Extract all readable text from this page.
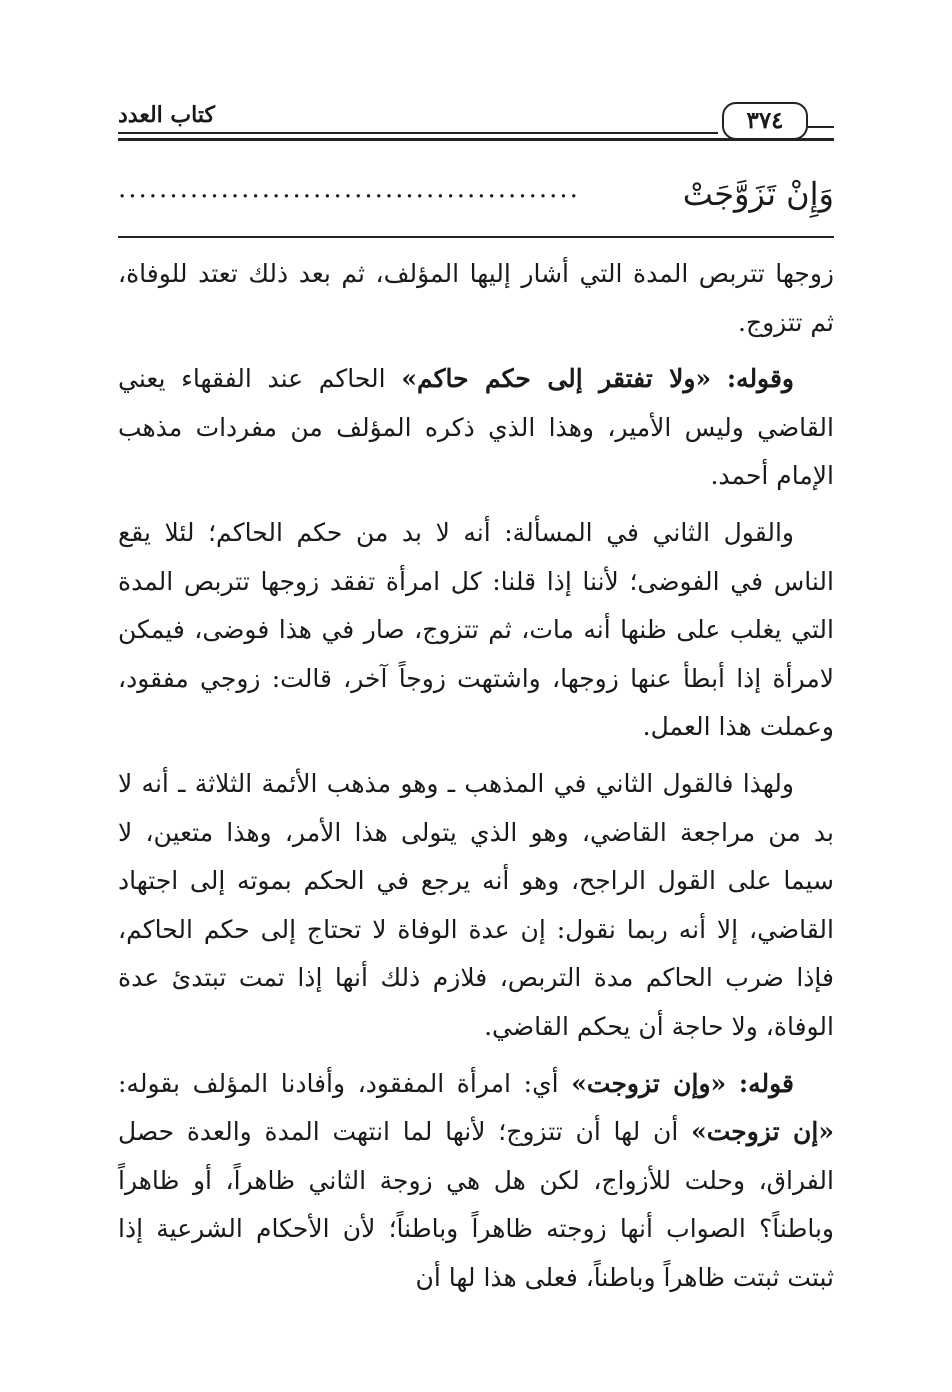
كتاب العدد	٣٧٤
وَإِنْ تَزَوَّجَتْ
.............................................

زوجها تتربص المدة التي أشار إليها المؤلف، ثم بعد ذلك تعتد للوفاة، ثم تتزوج.

وقوله: «ولا تفتقر إلى حكم حاكم» الحاكم عند الفقهاء يعني القاضي وليس الأمير، وهذا الذي ذكره المؤلف من مفردات مذهب الإمام أحمد.

والقول الثاني في المسألة: أنه لا بد من حكم الحاكم؛ لئلا يقع الناس في الفوضى؛ لأننا إذا قلنا: كل امرأة تفقد زوجها تتربص المدة التي يغلب على ظنها أنه مات، ثم تتزوج، صار في هذا فوضى، فيمكن لامرأة إذا أبطأ عنها زوجها، واشتهت زوجاً آخر، قالت: زوجي مفقود، وعملت هذا العمل.

ولهذا فالقول الثاني في المذهب ـ وهو مذهب الأئمة الثلاثة ـ أنه لا بد من مراجعة القاضي، وهو الذي يتولى هذا الأمر، وهذا متعين، لا سيما على القول الراجح، وهو أنه يرجع في الحكم بموته إلى اجتهاد القاضي، إلا أنه ربما نقول: إن عدة الوفاة لا تحتاج إلى حكم الحاكم، فإذا ضرب الحاكم مدة التربص، فلازم ذلك أنها إذا تمت تبتدئ عدة الوفاة، ولا حاجة أن يحكم القاضي.

قوله: «وإن تزوجت» أي: امرأة المفقود، وأفادنا المؤلف بقوله: «إن تزوجت» أن لها أن تتزوج؛ لأنها لما انتهت المدة والعدة حصل الفراق، وحلت للأزواج، لكن هل هي زوجة الثاني ظاهراً، أو ظاهراً وباطناً؟ الصواب أنها زوجته ظاهراً وباطناً؛ لأن الأحكام الشرعية إذا ثبتت ثبتت ظاهراً وباطناً، فعلى هذا لها أن
